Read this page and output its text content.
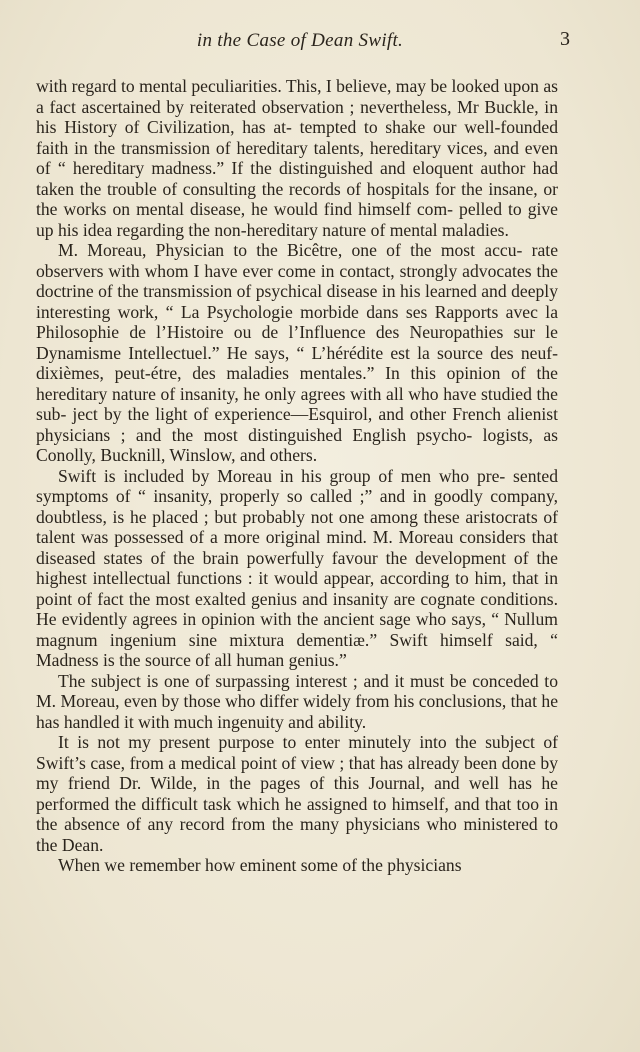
in the Case of Dean Swift.	3

with regard to mental peculiarities. This, I believe, may be looked upon as a fact ascertained by reiterated observation ; nevertheless, Mr Buckle, in his History of Civilization, has at- tempted to shake our well-founded faith in the transmission of hereditary talents, hereditary vices, and even of “ hereditary madness.” If the distinguished and eloquent author had taken the trouble of consulting the records of hospitals for the insane, or the works on mental disease, he would find himself com- pelled to give up his idea regarding the non-hereditary nature of mental maladies.

M. Moreau, Physician to the Bicêtre, one of the most accu- rate observers with whom I have ever come in contact, strongly advocates the doctrine of the transmission of psychical disease in his learned and deeply interesting work, “ La Psychologie morbide dans ses Rapports avec la Philosophie de l’Histoire ou de l’Influence des Neuropathies sur le Dynamisme Intellectuel.” He says, “ L’hérédite est la source des neuf-dixièmes, peut-étre, des maladies mentales.” In this opinion of the hereditary nature of insanity, he only agrees with all who have studied the sub- ject by the light of experience—Esquirol, and other French alienist physicians ; and the most distinguished English psycho- logists, as Conolly, Bucknill, Winslow, and others.

Swift is included by Moreau in his group of men who pre- sented symptoms of “ insanity, properly so called ;” and in goodly company, doubtless, is he placed ; but probably not one among these aristocrats of talent was possessed of a more original mind. M. Moreau considers that diseased states of the brain powerfully favour the development of the highest intellectual functions : it would appear, according to him, that in point of fact the most exalted genius and insanity are cognate conditions. He evidently agrees in opinion with the ancient sage who says, “ Nullum magnum ingenium sine mixtura dementiæ.” Swift himself said, “ Madness is the source of all human genius.”

The subject is one of surpassing interest ; and it must be conceded to M. Moreau, even by those who differ widely from his conclusions, that he has handled it with much ingenuity and ability.

It is not my present purpose to enter minutely into the subject of Swift’s case, from a medical point of view ; that has already been done by my friend Dr. Wilde, in the pages of this Journal, and well has he performed the difficult task which he assigned to himself, and that too in the absence of any record from the many physicians who ministered to the Dean.

When we remember how eminent some of the physicians
